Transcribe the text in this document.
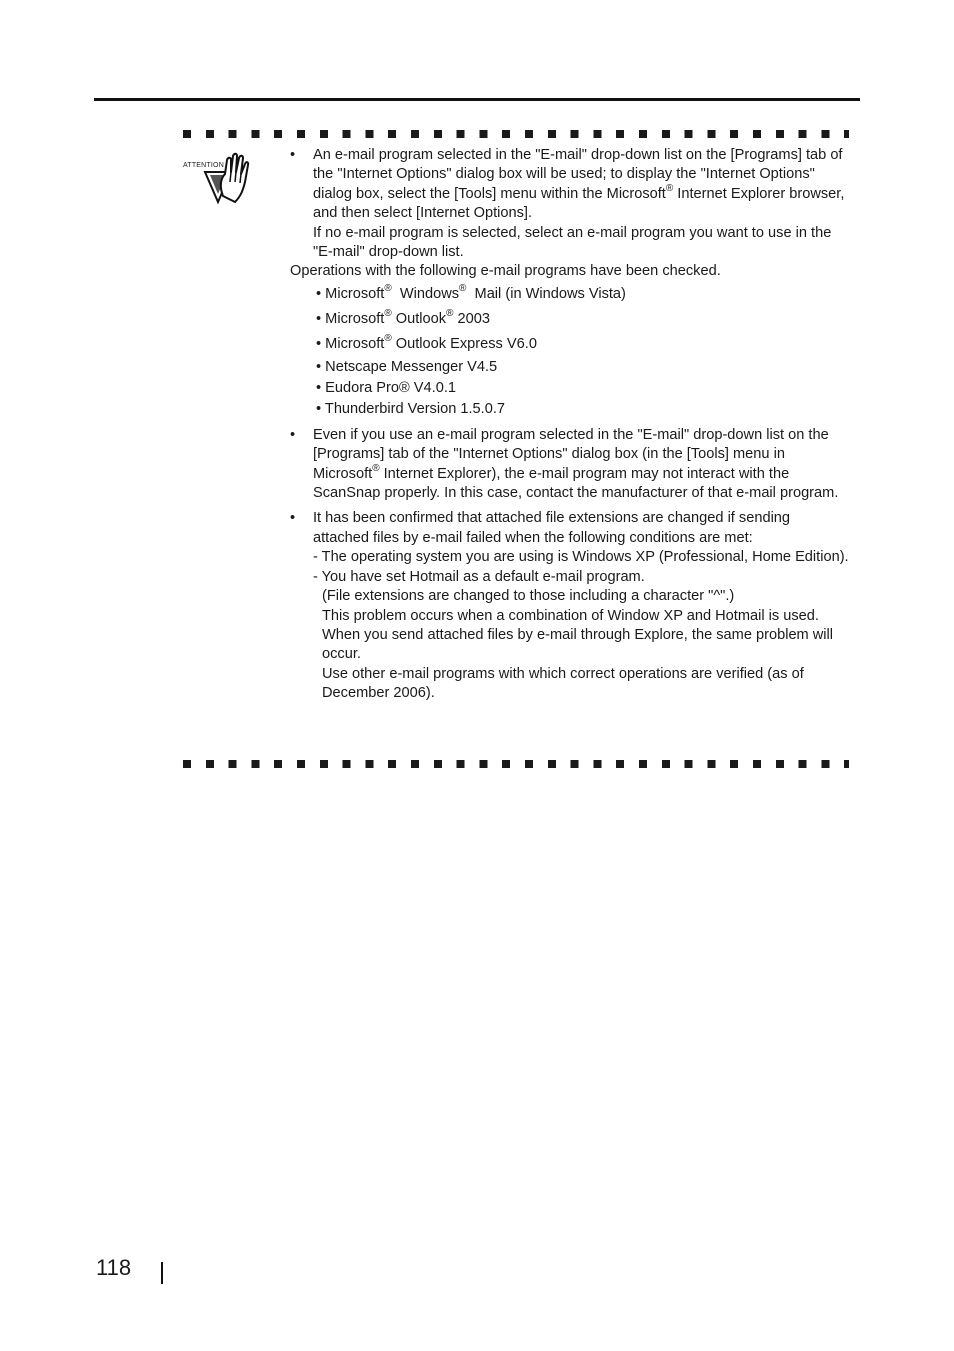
ATTENTION
• An e-mail program selected in the "E-mail" drop-down list on the [Programs] tab of the "Internet Options" dialog box will be used; to display the "Internet Options" dialog box, select the [Tools] menu within the Microsoft® Internet Explorer browser, and then select [Internet Options].

If no e-mail program is selected, select an e-mail program you want to use in the "E-mail" drop-down list.

Operations with the following e-mail programs have been checked.

• Microsoft®  Windows®  Mail (in Windows Vista)
• Microsoft® Outlook® 2003
• Microsoft® Outlook Express V6.0
• Netscape Messenger V4.5
• Eudora Pro® V4.0.1
• Thunderbird Version 1.5.0.7
• Even if you use an e-mail program selected in the "E-mail" drop-down list on the [Programs] tab of the "Internet Options" dialog box (in the [Tools] menu in Microsoft® Internet Explorer), the e-mail program may not interact with the ScanSnap properly. In this case, contact the manufacturer of that e-mail program.

• It has been confirmed that attached file extensions are changed if sending attached files by e-mail failed when the following conditions are met:

- The operating system you are using is Windows XP (Professional, Home Edition).

- You have set Hotmail as a default e-mail program.

(File extensions are changed to those including a character "^".)

This problem occurs when a combination of Window XP and Hotmail is used. When you send attached files by e-mail through Explore, the same problem will occur.

Use other e-mail programs with which correct operations are verified (as of December 2006).

118
